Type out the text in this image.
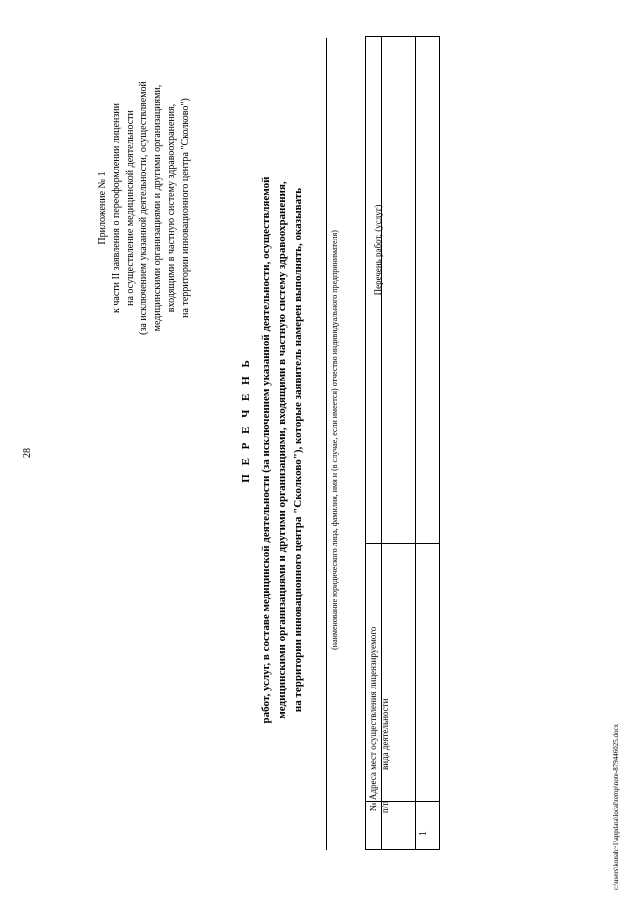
28
Приложение № 1 к части II заявления о переоформлении лицензии на осуществление медицинской деятельности (за исключением указанной деятельности, осуществляемой медицинскими организациями и другими организациями, входящими в частную систему здравоохранения, на территории инновационного центра "Сколково")
П Е Р Е Ч Е Н Ь работ, услуг, в составе медицинской деятельности (за исключением указанной деятельности, осуществляемой медицинскими организациями и другими организациями, входящими в частную систему здравоохранения, на территории инновационного центра "Сколково"), которые заявитель намерен выполнять, оказывать	(наименование юридического лица, фамилия, имя и (в случае, если имеется) отчество индивидуального предпринимателя)
№ п/п
Адреса мест осуществления лицензируемого вида деятельности
Перечень работ, (услуг)
1	c:\users\konah~1\appdata\local\temp\note-879446025.docx
